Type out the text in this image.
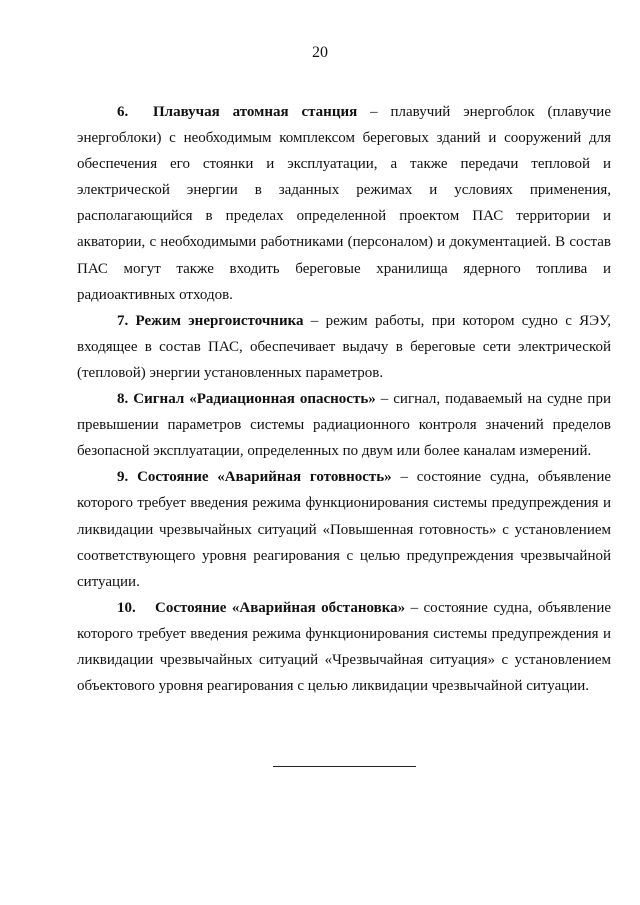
20

6. Плавучая атомная станция – плавучий энергоблок (плавучие энергоблоки) с необходимым комплексом береговых зданий и сооружений для обеспечения его стоянки и эксплуатации, а также передачи тепловой и электрической энергии в заданных режимах и условиях применения, располагающийся в пределах определенной проектом ПАС территории и акватории, с необходимыми работниками (персоналом) и документацией. В состав ПАС могут также входить береговые хранилища ядерного топлива и радиоактивных отходов.

7. Режим энергоисточника – режим работы, при котором судно с ЯЭУ, входящее в состав ПАС, обеспечивает выдачу в береговые сети электрической (тепловой) энергии установленных параметров.

8. Сигнал «Радиационная опасность» – сигнал, подаваемый на судне при превышении параметров системы радиационного контроля значений пределов безопасной эксплуатации, определенных по двум или более каналам измерений.

9. Состояние «Аварийная готовность» – состояние судна, объявление которого требует введения режима функционирования системы предупреждения и ликвидации чрезвычайных ситуаций «Повышенная готовность» с установлением соответствующего уровня реагирования с целью предупреждения чрезвычайной ситуации.

10. Состояние «Аварийная обстановка» – состояние судна, объявление которого требует введения режима функционирования системы предупреждения и ликвидации чрезвычайных ситуаций «Чрезвычайная ситуация» с установлением объектового уровня реагирования с целью ликвидации чрезвычайной ситуации.
